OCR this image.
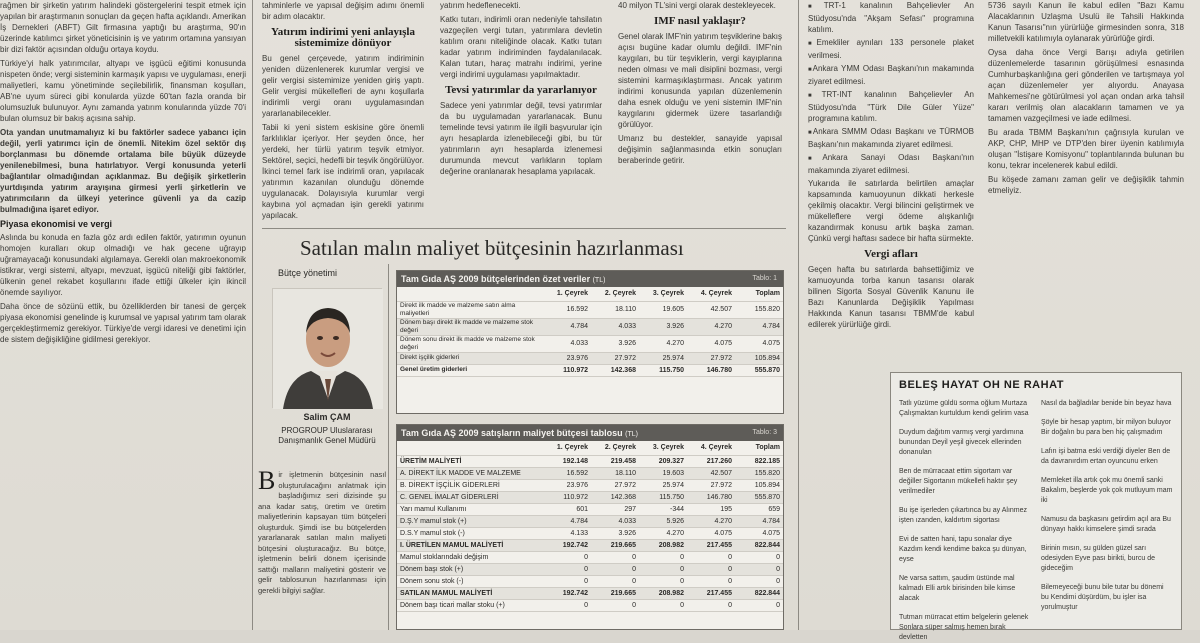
rağmen bir şirketin yatırım halindeki göstergelerini tespit etmek için yapılan bir araştırmanın sonuçları da geçen hafta açıklandı. Amerikan İş Dernekleri (ABFT) Gilt firmasına yaptığı bu araştırma, 90'ın üzerinde katılımcı şirket yöneticisinin iş ve yatırım ortamına yansıyan bir dizi faktör açısından olduğu ortaya koydu.

Türkiye'yi halk yatırımcılar, altyapı ve işgücü eğitimi konusunda nispeten önde; vergi sisteminin karmaşık yapısı ve uygulaması, enerji maliyetleri, kamu yönetiminde seçilebilirlik, finansman koşulları, AB'ne uyum süreci gibi konularda yüzde 60'tan fazla oranda bir olumsuzluk bulunuyor. Aynı zamanda yatırım konularında yüzde 70'i bulan olumsuz bir bakış açısına sahip.

Ota yandan unutmamalıyız ki bu faktörler sadece yabancı için değil, yerli yatırımcı için de önemli. Nitekim özel sektör dış borçlanması bu dönemde ortalama bile büyük düzeyde yenilenebilmesi, buna hatırlatıyor. Vergi konusunda yeterli bağlantılar olmadığından açıklanmaz. Bu değişik şirketlerin yurtdışında yatırım arayışına girmesi yerli şirketlerin ve yatırımcıların da ülkeyi yeterince güvenli ya da cazip bulmadığına işaret ediyor.

Piyasa ekonomisi ve vergi

Aslında bu konuda en fazla göz ardı edilen faktör, yatırımın oyunun homojen kuralları okup olmadığı ve hak gecene uğrayıp uğramayacağı konusundaki algılamaya. Gerekli olan makroekonomik istikrar, vergi sistemi, altyapı, mevzuat, işgücü niteliği gibi faktörler, ülkenin genel rekabet koşullarını ifade ettiği ülkeler için ikincil önemde sayılıyor.

Daha önce de sözünü ettik, bu özelliklerden bir tanesi de gerçek piyasa ekonomisi genelinde iş kurumsal ve yapısal yatırım tam olarak gerçekleştirmemiz gerekiyor. Türkiye'de vergi idaresi ve denetimi için de sistem değişikliğine gidilmesi gerekiyor.

tahminlerle ve yapısal değişim adımı önemli bir adım olacaktır.

Yatırım indirimi yeni anlayışla sistemimize dönüyor

Bu genel çerçevede, yatırım indiriminin yeniden düzenlenerek kurumlar vergisi ve gelir vergisi sistemimize yeniden giriş yaptı. Gelir vergisi mükellefleri de aynı koşullarla indirimli vergi oranı uygulamasından yararlanabilecekler.

Tabii ki yeni sistem eskisine göre önemli farklılıklar içeriyor. Her şeyden önce, her yerdeki, her türlü yatırım teşvik etmiyor. Sektörel, seçici, hedefli bir teşvik öngörülüyor. İkinci temel fark ise indirimli oran, yapılacak yatırımın kazanılan olunduğu dönemde uygulanacak. Dolayısıyla kurumlar vergi kaybına yol açmadan işin gerekli yatırımı yapılacak.

yatırım hedeflenecekti.

Katkı tutarı, indirimli oran nedeniyle tahsilatın vazgeçilen vergi tutarı, yatırımlara devletin katılım oranı niteliğinde olacak. Katkı tutarı kadar yatırım indiriminden faydalanılacak. Kalan tutarı, haraç matrahı indirimi, yerine vergi indirimi uygulaması yapılmaktadır.

Tevsi yatırımlar da yararlanıyor

Sadece yeni yatırımlar değil, tevsi yatırımlar da bu uygulamadan yararlanacak. Bunu temelinde tevsi yatırım ile ilgili başvurular için ayrı hesaplarda izlenebileceği gibi, bu tür yatırımların ayrı hesaplarda izlenemesi durumunda mevcut varlıkların toplam değerine oranlanarak hesaplama yapılacak.

40 milyon TL'sini vergi olarak destekleyecek.

IMF nasıl yaklaşır?

Genel olarak IMF'nin yatırım teşviklerine bakış açısı bugüne kadar olumlu değildi. IMF'nin kaygıları, bu tür teşviklerin, vergi kayıplarına neden olması ve mali disiplini bozması, vergi sistemini karmaşıklaştırması. Ancak yatırım indirimi konusunda yapılan düzenlemenin daha esnek olduğu ve yeni sistemin IMF'nin kaygılarını gidermek üzere tasarlandığı görülüyor.

Umarız bu destekler, sanayide yapısal değişimin sağlanmasında etkin sonuçları beraberinde getirir.

■ TRT-1 kanalının Bahçelievler An Stüdyosu'nda "Akşam Sefası" programına katılım.
■ Emekliler aynıları 133 personele plaket verilmesi.
■ Ankara YMM Odası Başkanı'nın makamında ziyaret edilmesi.
■ TRT-INT kanalının Bahçelievler An Stüdyosu'nda "Türk Dile Güler Yüze" programına katılım.
■ Ankara SMMM Odası Başkanı ve TÜRMOB Başkanı'nın makamında ziyaret edilmesi.
■ Ankara Sanayi Odası Başkanı'nın makamında ziyaret edilmesi.

Yukarıda ile satırlarda belirtilen amaçlar kapsamında kamuoyunun dikkati herkesle çekilmiş olacaktır. Vergi bilincini geliştirmek ve mükelleflere vergi ödeme alışkanlığı kazandırmak konusu artık başka zaman. Çünkü vergi haftası sadece bir hafta sürmekte.

Vergi afları

Geçen hafta bu satırlarda bahsettiğimiz ve kamuoyunda torba kanun tasarısı olarak bilinen Sigorta Sosyal Güvenlik Kanunu ile Bazı Kanunlarda Değişiklik Yapılması Hakkında Kanun tasarısı TBMM'de kabul edilerek yürürlüğe girdi.

5736 sayılı Kanun ile kabul edilen "Bazı Kamu Alacaklarının Uzlaşma Usulü ile Tahsili Hakkında Kanun Tasarısı"nın yürürlüğe girmesinden sonra, 318 milletvekili katılımıyla oylanarak yürürlüğe girdi.

Oysa daha önce Vergi Barışı adıyla getirilen düzenlemelerde tasarının görüşülmesi esnasında Cumhurbaşkanlığına geri gönderilen ve tartışmaya yol açan düzenlemeler yer alıyordu. Anayasa Mahkemesi'ne götürülmesi yol açan ondan arka tahsil kararı verilmiş olan alacakların tamamen ve ya tamamen vazgeçilmesi ve iade edilmesi.

Bu arada TBMM Başkanı'nın çağrısıyla kurulan ve AKP, CHP, MHP ve DTP'den birer üyenin katılımıyla oluşan "İstişare Komisyonu" toplantılarında bulunan bu konu, tekrar incelenerek kabul edildi.

Bu köşede zamanı zaman gelir ve değişiklik tahmin etmeliyiz.

Satılan malın maliyet bütçesinin hazırlanması
Bütçe yönetimi
Salim ÇAM
PROGROUP Uluslararası
Danışmanlık Genel Müdürü
Tam Gıda AŞ 2009 bütçelerinden özet veriler (TL)	Tablo: 1
	1. Çeyrek	2. Çeyrek	3. Çeyrek	4. Çeyrek	Toplam
Direkt ilk madde ve malzeme satın alma maliyetleri	16.592	18.110	19.605	42.507	155.820
Dönem başı direkt ilk madde ve malzeme stok değeri	4.784	4.033	3.926	4.270	4.784
Dönem sonu direkt ilk madde ve malzeme stok değeri	4.033	3.926	4.270	4.075	4.075
Direkt işçilik giderleri	23.976	27.972	25.974	27.972	105.894
Genel üretim giderleri	110.972	142.368	115.750	146.780	555.870
Tam Gıda AŞ 2009 satışların maliyet bütçesi tablosu (TL)	Tablo: 3
	1. Çeyrek	2. Çeyrek	3. Çeyrek	4. Çeyrek	Toplam
ÜRETİM MALİYETİ	192.148	219.458	209.327	217.260	822.185
A. DİREKT İLK MADDE VE MALZEME	16.592	18.110	19.603	42.507	155.820
B. DİREKT İŞÇİLİK GİDERLERİ	23.976	27.972	25.974	27.972	105.894
C. GENEL İMALAT GİDERLERİ	110.972	142.368	115.750	146.780	555.870
Yarı mamul Kullanımı	601	297	-344	195	659
D.Ş.Y mamul stok (+)	4.784	4.033	5.926	4.270	4.784
D.S.Y mamul stok (-)	4.133	3.926	4.270	4.075	4.075
I. ÜRETİLEN MAMUL MALİYETİ	192.742	219.665	208.982	217.455	822.844
Mamul stoklarındaki değişim	0	0	0	0	0
Dönem başı stok (+)	0	0	0	0	0
Dönem sonu stok (-)	0	0	0	0	0
SATILAN MAMUL MALİYETİ	192.742	219.665	208.982	217.455	822.844
Dönem başı ticari mallar stoku (+)	0	0	0	0	0
B ir işletmenin bütçesinin nasıl oluşturulacağını anlatmak için başladığımız seri dizisinde şu ana kadar satış, üretim ve üretim maliyetlerinin kapsayan tüm bütçeleri oluşturduk. Şimdi ise bu bütçelerden yararlanarak satılan malın maliyeti bütçesini oluşturacağız. Bu bütçe, işletmenin belirli dönem içerisinde sattığı malların maliyetini gösterir ve gelir tablosunun hazırlanması için gerekli bilgiyi sağlar.
BELEŞ HAYAT OH NE RAHAT

Tatlı yüzüme güldü sorma oğlum Murtaza Çalışmaktan kurtuldum kendi gelirim vasa

Duydum dağıtım varmış vergi yardımına bunundan Deyil yeşil givecek ellerinden donanulan

Ben de mürracaat ettim sigortam var değiller Sigortanın mükellefi haktır şey verilmediler

Bu işe işerleden çıkartınca bu ay Alınmez işten ızanden, kaldırtım sigortası

Evi de satten hani, tapu sonalar diye Kazdım kendi kendime bakca şu dünyan, eyse

Ne varsa sattım, şaudim üstünde mal kalmadı Elli artık birisinden bile kimse alacak

Tutmarı mürracat ettim belgelerin gelenek Sonlara süper salmış hemen bırak devletten

Nasıl da bağladılar benide bin beyaz hava

Şöyle bir hesap yaptım, bir milyon buluyor Bir doğalın bu para ben hiç çalışmadım

Lafın işi batma eski verdiği diyeler Ben de da davranırdım ertan oyuncunu erken

Memleket illa artık çok mu önemli sanki Bakalım, beşlerde yok çok mutluyum mam iki

Namusu da başkasını getirdim açıl ara Bu dünyayı hakkı kimselere şimdi sırada

Birinin mısın, su gülden güzel sarı odesiyden Eyve pası birikti, burcu de gideceğim

Bilemeyeceği bunu bile tutar bu dönemi bu Kendimi düşürdüm, bu işler isa yorulmuştur
